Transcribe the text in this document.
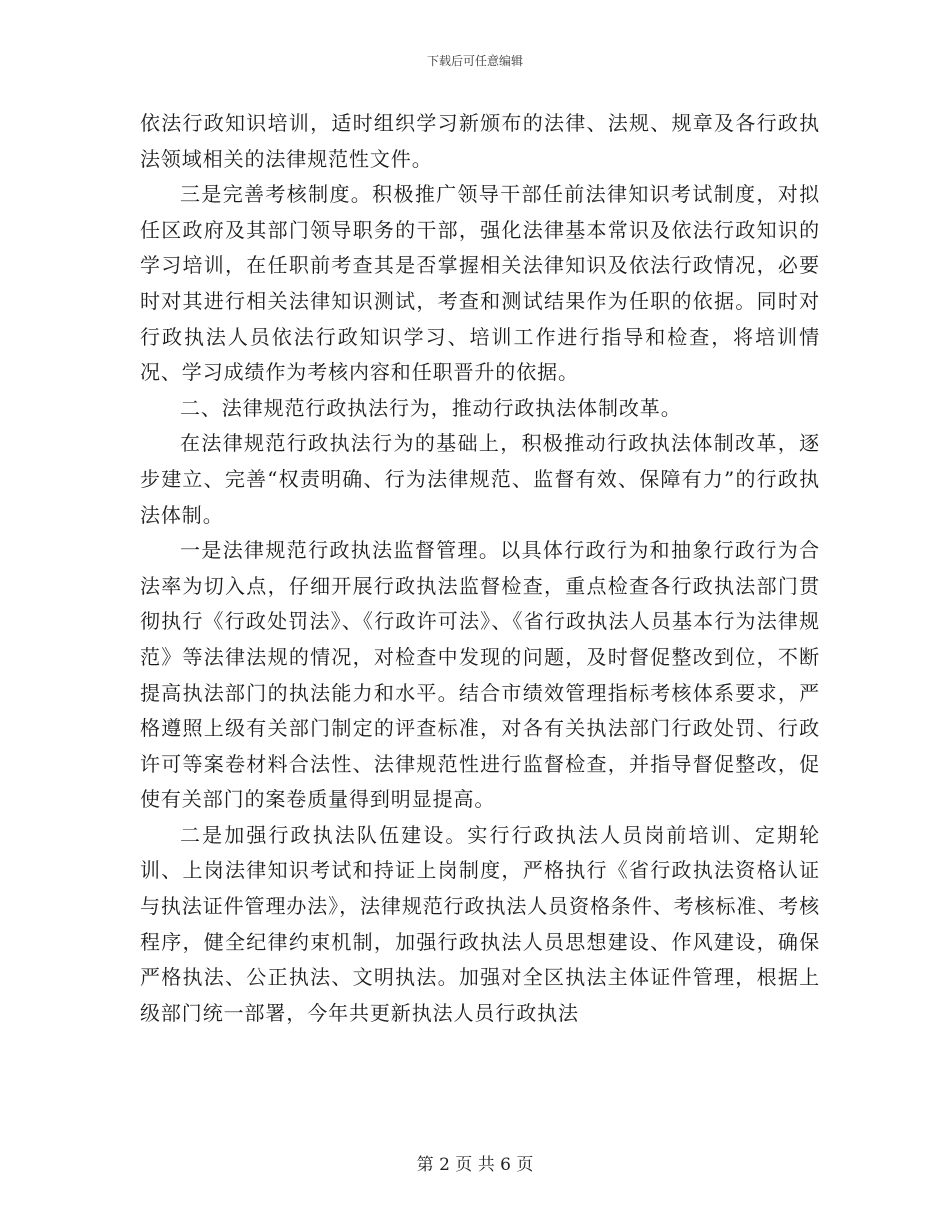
下载后可任意编辑

依法行政知识培训，适时组织学习新颁布的法律、法规、规章及各行政执法领域相关的法律规范性文件。

三是完善考核制度。积极推广领导干部任前法律知识考试制度，对拟任区政府及其部门领导职务的干部，强化法律基本常识及依法行政知识的学习培训，在任职前考查其是否掌握相关法律知识及依法行政情况，必要时对其进行相关法律知识测试，考查和测试结果作为任职的依据。同时对行政执法人员依法行政知识学习、培训工作进行指导和检查，将培训情况、学习成绩作为考核内容和任职晋升的依据。

二、法律规范行政执法行为，推动行政执法体制改革。

在法律规范行政执法行为的基础上，积极推动行政执法体制改革，逐步建立、完善“权责明确、行为法律规范、监督有效、保障有力”的行政执法体制。

一是法律规范行政执法监督管理。以具体行政行为和抽象行政行为合法率为切入点，仔细开展行政执法监督检查，重点检查各行政执法部门贯彻执行《行政处罚法》、《行政许可法》、《省行政执法人员基本行为法律规范》等法律法规的情况，对检查中发现的问题，及时督促整改到位，不断提高执法部门的执法能力和水平。结合市绩效管理指标考核体系要求，严格遵照上级有关部门制定的评查标准，对各有关执法部门行政处罚、行政许可等案卷材料合法性、法律规范性进行监督检查，并指导督促整改，促使有关部门的案卷质量得到明显提高。

二是加强行政执法队伍建设。实行行政执法人员岗前培训、定期轮训、上岗法律知识考试和持证上岗制度，严格执行《省行政执法资格认证与执法证件管理办法》，法律规范行政执法人员资格条件、考核标准、考核程序，健全纪律约束机制，加强行政执法人员思想建设、作风建设，确保严格执法、公正执法、文明执法。加强对全区执法主体证件管理，根据上级部门统一部署，今年共更新执法人员行政执法

第 2 页 共 6 页
